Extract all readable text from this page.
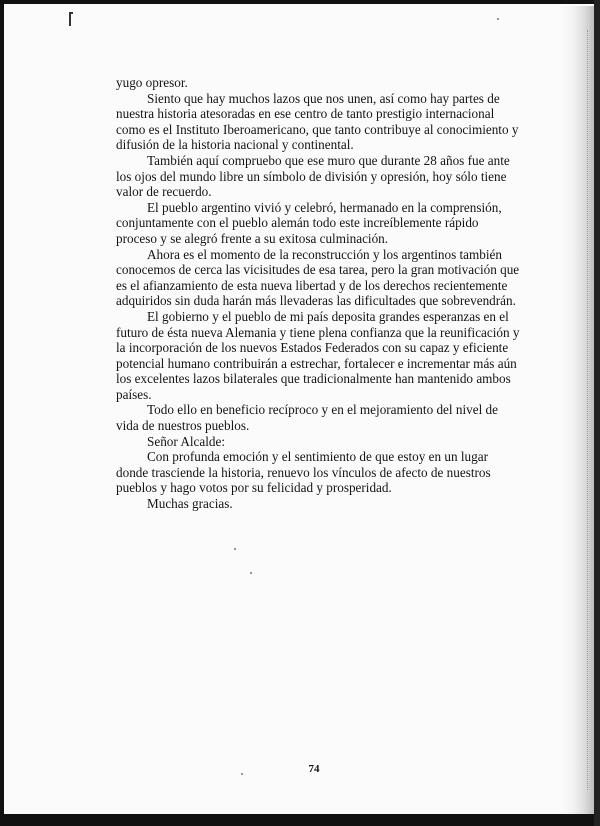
yugo opresor.

Siento que hay muchos lazos que nos unen, así como hay partes de nuestra historia atesoradas en ese centro de tanto prestigio internacional como es el Instituto Iberoamericano, que tanto contribuye al conocimiento y difusión de la historia nacional y continental.

También aquí compruebo que ese muro que durante 28 años fue ante los ojos del mundo libre un símbolo de división y opresión, hoy sólo tiene valor de recuerdo.

El pueblo argentino vivió y celebró, hermanado en la comprensión, conjuntamente con el pueblo alemán todo este increíblemente rápido proceso y se alegró frente a su exitosa culminación.

Ahora es el momento de la reconstrucción y los argentinos también conocemos de cerca las vicisitudes de esa tarea, pero la gran motivación que es el afianzamiento de esta nueva libertad y de los derechos recientemente adquiridos sin duda harán más llevaderas las dificultades que sobrevendrán.

El gobierno y el pueblo de mi país deposita grandes esperanzas en el futuro de ésta nueva Alemania y tiene plena confianza que la reunificación y la incorporación de los nuevos Estados Federados con su capaz y eficiente potencial humano contribuirán a estrechar, fortalecer e incrementar más aún los excelentes lazos bilaterales que tradicionalmente han mantenido ambos países.

Todo ello en beneficio recíproco y en el mejoramiento del nivel de vida de nuestros pueblos.

Señor Alcalde:

Con profunda emoción y el sentimiento de que estoy en un lugar donde trasciende la historia, renuevo los vínculos de afecto de nuestros pueblos y hago votos por su felicidad y prosperidad.

Muchas gracias.

74
